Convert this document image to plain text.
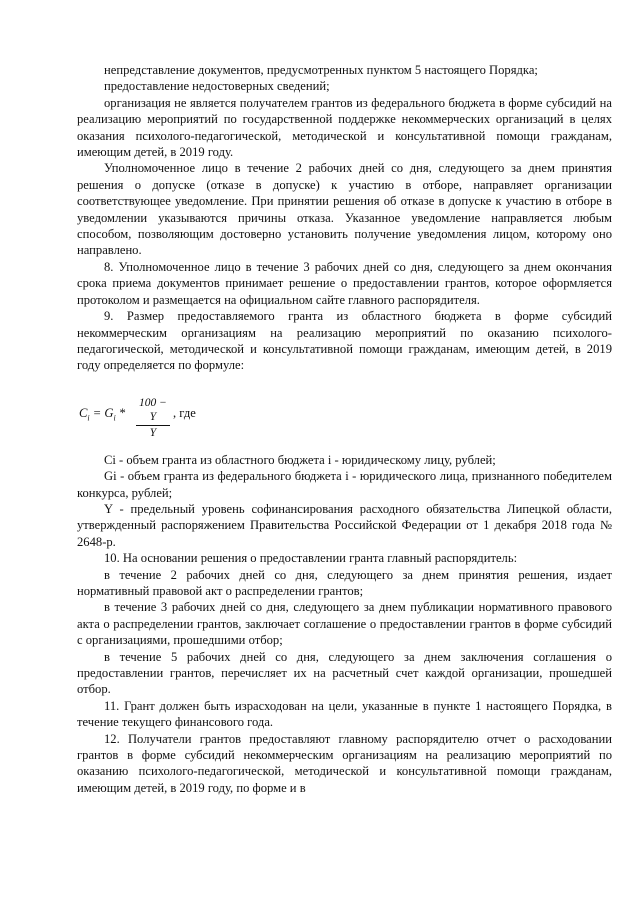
непредставление документов, предусмотренных пунктом 5 настоящего Порядка;

предоставление недостоверных сведений;

организация не является получателем грантов из федерального бюджета в форме субсидий на реализацию мероприятий по государственной поддержке некоммерческих организаций в целях оказания психолого-педагогической, методической и консультативной помощи гражданам, имеющим детей, в 2019 году.

Уполномоченное лицо в течение 2 рабочих дней со дня, следующего за днем принятия решения о допуске (отказе в допуске) к участию в отборе, направляет организации соответствующее уведомление. При принятии решения об отказе в допуске к участию в отборе в уведомлении указываются причины отказа. Указанное уведомление направляется любым способом, позволяющим достоверно установить получение уведомления лицом, которому оно направлено.

8. Уполномоченное лицо в течение 3 рабочих дней со дня, следующего за днем окончания срока приема документов принимает решение о предоставлении грантов, которое оформляется протоколом и размещается на официальном сайте главного распорядителя.

9. Размер предоставляемого гранта из областного бюджета в форме субсидий некоммерческим организациям на реализацию мероприятий по оказанию психолого-педагогической, методической и консультативной помощи гражданам, имеющим детей, в 2019 году определяется по формуле:

$C_i = G_i * \frac{100 - Y}{Y}$ , где

Ci - объем гранта из областного бюджета i - юридическому лицу, рублей;

Gi - объем гранта из федерального бюджета i - юридического лица, признанного победителем конкурса, рублей;

Y - предельный уровень софинансирования расходного обязательства Липецкой области, утвержденный распоряжением Правительства Российской Федерации от 1 декабря 2018 года № 2648-р.

10. На основании решения о предоставлении гранта главный распорядитель:

в течение 2 рабочих дней со дня, следующего за днем принятия решения, издает нормативный правовой акт о распределении грантов;

в течение 3 рабочих дней со дня, следующего за днем публикации нормативного правового акта о распределении грантов, заключает соглашение о предоставлении грантов в форме субсидий с организациями, прошедшими отбор;

в течение 5 рабочих дней со дня, следующего за днем заключения соглашения о предоставлении грантов, перечисляет их на расчетный счет каждой организации, прошедшей отбор.

11. Грант должен быть израсходован на цели, указанные в пункте 1 настоящего Порядка, в течение текущего финансового года.

12. Получатели грантов предоставляют главному распорядителю отчет о расходовании грантов в форме субсидий некоммерческим организациям на реализацию мероприятий по оказанию психолого-педагогической, методической и консультативной помощи гражданам, имеющим детей, в 2019 году, по форме и в
